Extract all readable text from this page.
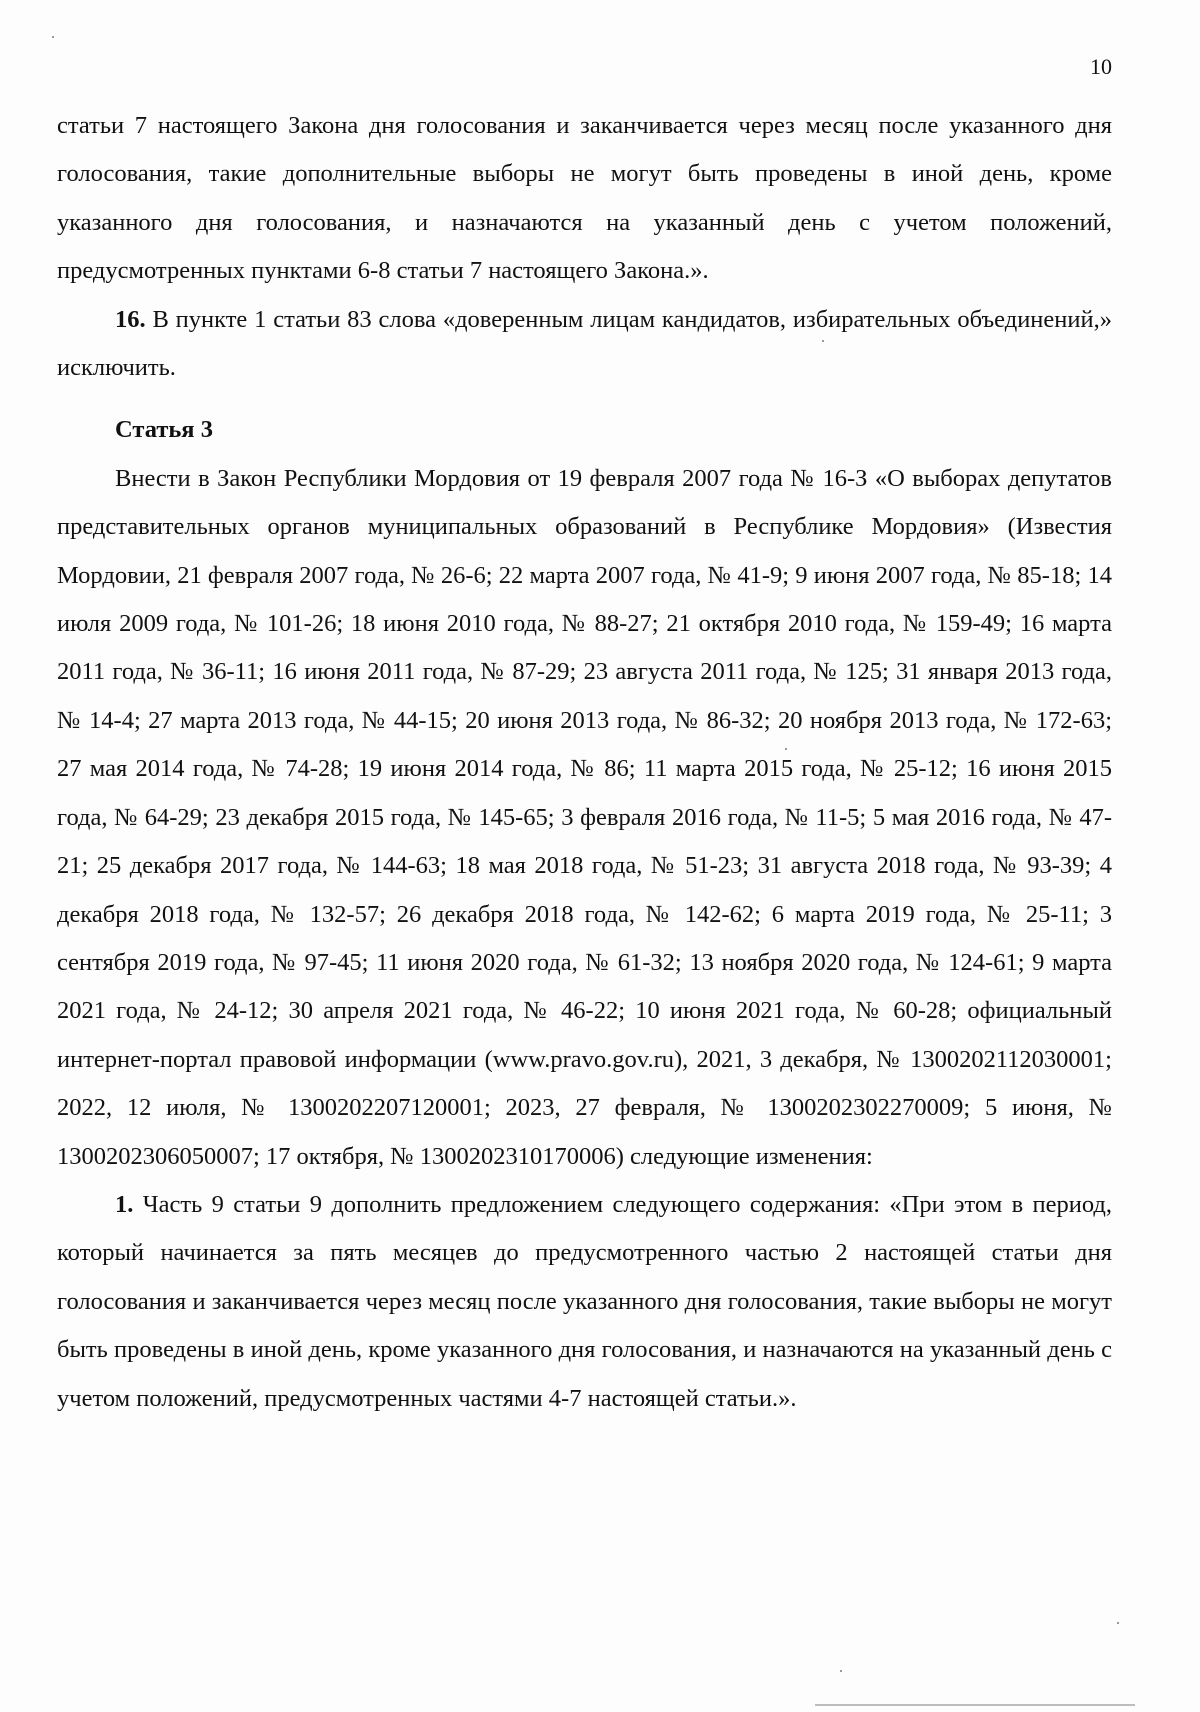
10

статьи 7 настоящего Закона дня голосования и заканчивается через месяц после указанного дня голосования, такие дополнительные выборы не могут быть проведены в иной день, кроме указанного дня голосования, и назначаются на указанный день с учетом положений, предусмотренных пунктами 6-8 статьи 7 настоящего Закона.».

16. В пункте 1 статьи 83 слова «доверенным лицам кандидатов, избирательных объединений,» исключить.

Статья 3

Внести в Закон Республики Мордовия от 19 февраля 2007 года № 16-З «О выборах депутатов представительных органов муниципальных образований в Республике Мордовия» (Известия Мордовии, 21 февраля 2007 года, № 26-6; 22 марта 2007 года, № 41-9; 9 июня 2007 года, № 85-18; 14 июля 2009 года, № 101-26; 18 июня 2010 года, № 88-27; 21 октября 2010 года, № 159-49; 16 марта 2011 года, № 36-11; 16 июня 2011 года, № 87-29; 23 августа 2011 года, № 125; 31 января 2013 года, № 14-4; 27 марта 2013 года, № 44-15; 20 июня 2013 года, № 86-32; 20 ноября 2013 года, № 172-63; 27 мая 2014 года, № 74-28; 19 июня 2014 года, № 86; 11 марта 2015 года, № 25-12; 16 июня 2015 года, № 64-29; 23 декабря 2015 года, № 145-65; 3 февраля 2016 года, № 11-5; 5 мая 2016 года, № 47-21; 25 декабря 2017 года, № 144-63; 18 мая 2018 года, № 51-23; 31 августа 2018 года, № 93-39; 4 декабря 2018 года, № 132-57; 26 декабря 2018 года, № 142-62; 6 марта 2019 года, № 25-11; 3 сентября 2019 года, № 97-45; 11 июня 2020 года, № 61-32; 13 ноября 2020 года, № 124-61; 9 марта 2021 года, № 24-12; 30 апреля 2021 года, № 46-22; 10 июня 2021 года, № 60-28; официальный интернет-портал правовой информации (www.pravo.gov.ru), 2021, 3 декабря, № 1300202112030001; 2022, 12 июля, № 1300202207120001; 2023, 27 февраля, № 1300202302270009; 5 июня, № 1300202306050007; 17 октября, № 1300202310170006) следующие изменения:

1. Часть 9 статьи 9 дополнить предложением следующего содержания: «При этом в период, который начинается за пять месяцев до предусмотренного частью 2 настоящей статьи дня голосования и заканчивается через месяц после указанного дня голосования, такие выборы не могут быть проведены в иной день, кроме указанного дня голосования, и назначаются на указанный день с учетом положений, предусмотренных частями 4-7 настоящей статьи.».
